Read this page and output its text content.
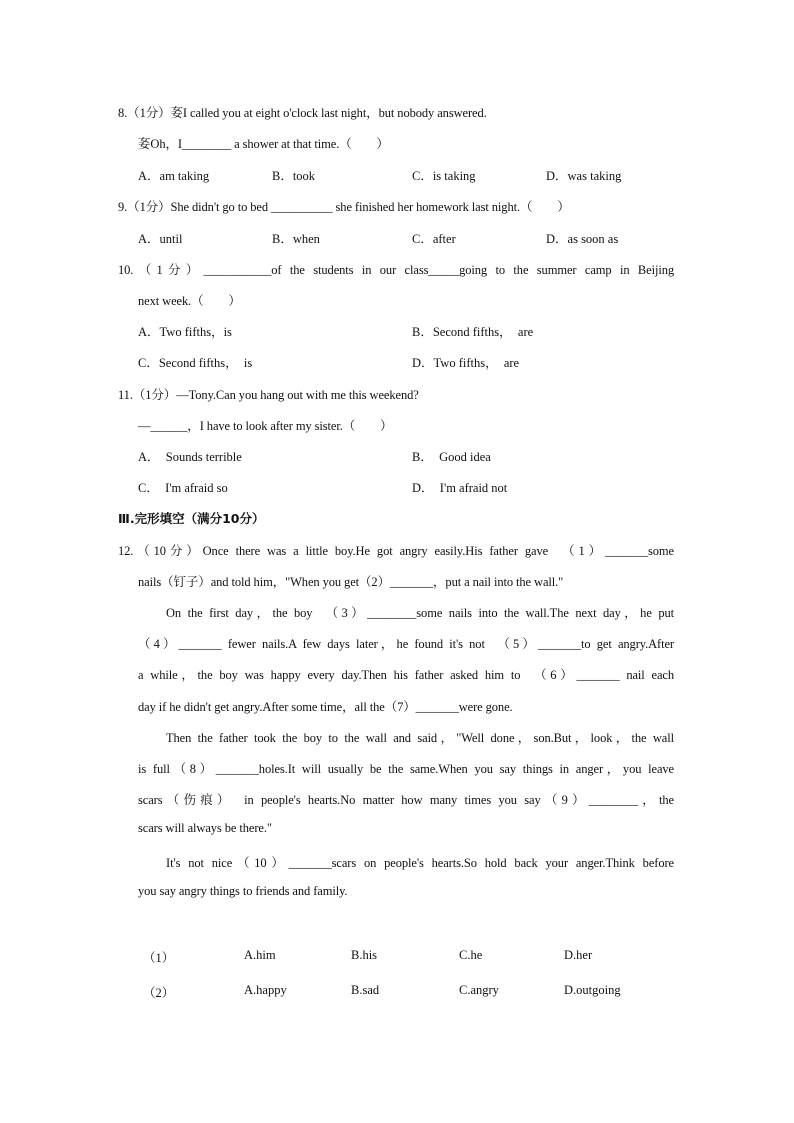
8.（1分）㚣I called you at eight o'clock last night，but nobody answered.
㚣Oh，I________ a shower at that time.（　　）
A．am taking	B．took	C．is taking	D．was taking
9.（1分）She didn't go to bed __________ she finished her homework last night.（　　）
A．until	B．when	C．after	D．as soon as
10.（1分）___________of the students in our class_____going to the summer camp in Beijing
next week.（　　）
A．Two fifths，is	B．Second fifths，　are
C．Second fifths，　is	D．Two fifths，　are
11.（1分）—Tony.Can you hang out with me this weekend?
—______，I have to look after my sister.（　　）
A．　Sounds terrible	B．　Good idea
C．　I'm afraid so	D．　I'm afraid not
Ⅲ.完形填空（满分10分）
12.（10分）Once there was a little boy.He got angry easily.His father gave　（1）_______some
nails（钉子）and told him，"When you get（2）_______，put a nail into the wall."
On the first day，the boy　（3）________some nails into the wall.The next day，he put
（4）_______ fewer nails.A few days later，he found it's not　（5）_______to get angry.After
a while，the boy was happy every day.Then his father asked him to　（6）_______ nail each
day if he didn't get angry.After some time，all the（7）_______were gone.
Then the father took the boy to the wall and said，"Well done，son.But，look，the wall
is full（8）_______holes.It will usually be the same.When you say things in anger，you leave
scars（伤痕）　in people's hearts.No matter how many times you say（9）________，the
scars will always be there."
It's not nice（10）_______scars on people's hearts.So hold back your anger.Think before
you say angry things to friends and family.
（1）	A.him	B.his	C.he	D.her
（2）	A.happy	B.sad	C.angry	D.outgoing
